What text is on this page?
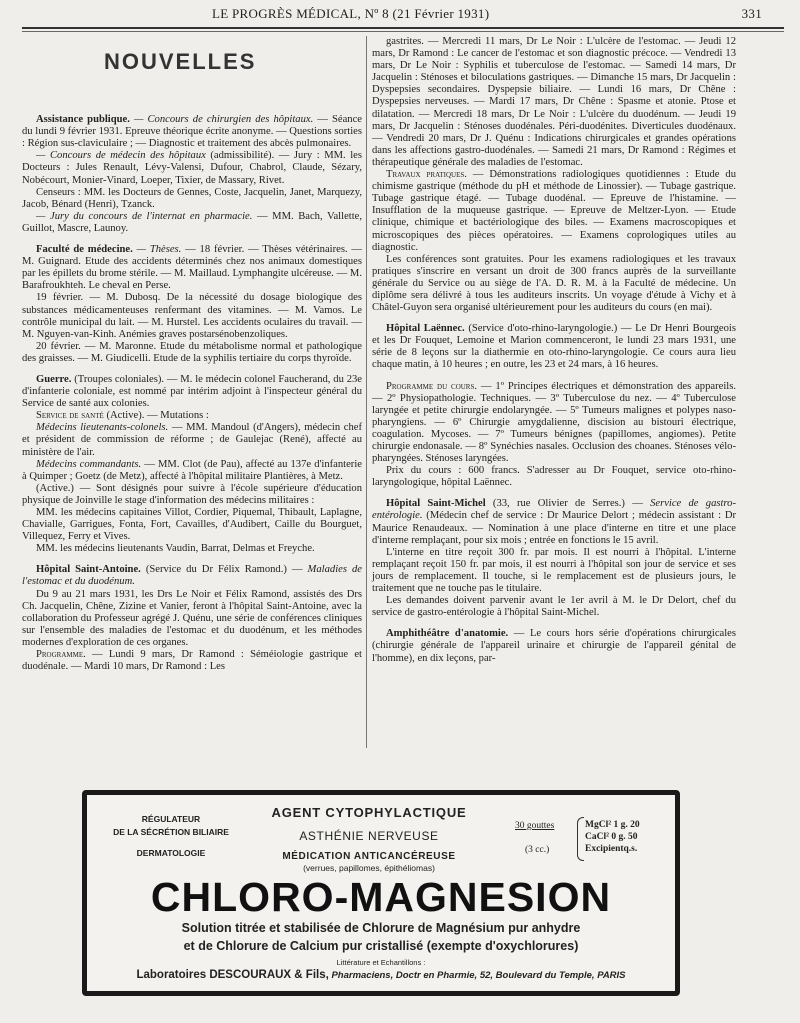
LE PROGRÈS MÉDICAL, Nº 8 (21 Février 1931)	331

NOUVELLES

Assistance publique. — Concours de chirurgien des hôpitaux. — Séance du lundi 9 février 1931. Epreuve théorique écrite anonyme. — Questions sorties : Région sus-claviculaire ; — Diagnostic et traitement des abcès pulmonaires.

— Concours de médecin des hôpitaux (admissibilité). — Jury : MM. les Docteurs : Jules Renault, Lévy-Valensi, Dufour, Chabrol, Claude, Sézary, Nobécourt, Monier-Vinard, Loeper, Tixier, de Massary, Rivet.

Censeurs : MM. les Docteurs de Gennes, Coste, Jacquelin, Janet, Marquezy, Jacob, Bénard (Henri), Tzanck.

— Jury du concours de l'internat en pharmacie. — MM. Bach, Vallette, Guillot, Mascre, Launoy.

Faculté de médecine. — Thèses. — 18 février. — Thèses vétérinaires. — M. Guignard. Etude des accidents déterminés chez nos animaux domestiques par les épillets du brome stérile. — M. Maillaud. Lymphangite ulcéreuse. — M. Barafroukhteh. Le cheval en Perse.

19 février. — M. Dubosq. De la nécessité du dosage biologique des substances médicamenteuses renfermant des vitamines. — M. Vamos. Le contrôle municipal du lait. — M. Hurstel. Les accidents oculaires du travail. — M. Nguyen-van-Kinh. Anémies graves postarsénobenzoliques.

20 février. — M. Maronne. Etude du métabolisme normal et pathologique des graisses. — M. Giudicelli. Etude de la syphilis tertiaire du corps thyroïde.

Guerre. (Troupes coloniales). — M. le médecin colonel Faucherand, du 23e d'infanterie coloniale, est nommé par intérim adjoint à l'inspecteur général du Service de santé aux colonies.

Service de santé (Active). — Mutations :

Médecins lieutenants-colonels. — MM. Mandoul (d'Angers), médecin chef et président de commission de réforme ; de Gaulejac (René), affecté au ministère de l'air.

Médecins commandants. — MM. Clot (de Pau), affecté au 137e d'infanterie à Quimper ; Goetz (de Metz), affecté à l'hôpital militaire Plantières, à Metz.

(Active.) — Sont désignés pour suivre à l'école supérieure d'éducation physique de Joinville le stage d'information des médecins militaires :

MM. les médecins capitaines Villot, Cordier, Piquemal, Thibault, Laplagne, Chavialle, Garrigues, Fonta, Fort, Cavailles, d'Audibert, Caille du Bourguet, Villequez, Ferry et Vives.

MM. les médecins lieutenants Vaudin, Barrat, Delmas et Freyche.

Hôpital Saint-Antoine. (Service du Dr Félix Ramond.) — Maladies de l'estomac et du duodénum.

Du 9 au 21 mars 1931, les Drs Le Noir et Félix Ramond, assistés des Drs Ch. Jacquelin, Chêne, Zizine et Vanier, feront à l'hôpital Saint-Antoine, avec la collaboration du Professeur agrégé J. Quénu, une série de conférences cliniques sur l'ensemble des maladies de l'estomac et du duodénum, et les méthodes modernes d'exploration de ces organes.

Programme. — Lundi 9 mars, Dr Ramond : Séméiologie gastrique et duodénale. — Mardi 10 mars, Dr Ramond : Les

gastrites. — Mercredi 11 mars, Dr Le Noir : L'ulcère de l'estomac. — Jeudi 12 mars, Dr Ramond : Le cancer de l'estomac et son diagnostic précoce. — Vendredi 13 mars, Dr Le Noir : Syphilis et tuberculose de l'estomac. — Samedi 14 mars, Dr Jacquelin : Sténoses et biloculations gastriques. — Dimanche 15 mars, Dr Jacquelin : Dyspepsies secondaires. Dyspepsie biliaire. — Lundi 16 mars, Dr Chêne : Dyspepsies nerveuses. — Mardi 17 mars, Dr Chêne : Spasme et atonie. Ptose et dilatation. — Mercredi 18 mars, Dr Le Noir : L'ulcère du duodénum. — Jeudi 19 mars, Dr Jacquelin : Sténoses duodénales. Péri-duodénites. Diverticules duodénaux. — Vendredi 20 mars, Dr J. Quénu : Indications chirurgicales et grandes opérations dans les affections gastro-duodénales. — Samedi 21 mars, Dr Ramond : Régimes et thérapeutique générale des maladies de l'estomac.

Travaux pratiques. — Démonstrations radiologiques quotidiennes : Etude du chimisme gastrique (méthode du pH et méthode de Linossier). — Tubage gastrique. Tubage gastrique étagé. — Tubage duodénal. — Epreuve de l'histamine. — Insufflation de la muqueuse gastrique. — Epreuve de Meltzer-Lyon. — Etude clinique, chimique et bactériologique des biles. — Examens macroscopiques et microscopiques des pièces opératoires. — Examens coprologiques utiles au diagnostic.

Les conférences sont gratuites. Pour les examens radiologiques et les travaux pratiques s'inscrire en versant un droit de 300 francs auprès de la surveillante générale du Service ou au siège de l'A. D. R. M. à la Faculté de médecine. Un diplôme sera délivré à tous les auditeurs inscrits. Un voyage d'étude à Vichy et à Châtel-Guyon sera organisé ultérieurement pour les auditeurs du cours (en mai).

Hôpital Laënnec. (Service d'oto-rhino-laryngologie.) — Le Dr Henri Bourgeois et les Dr Fouquet, Lemoine et Marion commenceront, le lundi 23 mars 1931, une série de 8 leçons sur la diathermie en oto-rhino-laryngologie. Ce cours aura lieu chaque matin, à 10 heures ; en outre, les 23 et 24 mars, à 16 heures.

Programme du cours. — 1º Principes électriques et démonstration des appareils. — 2º Physiopathologie. Techniques. — 3º Tuberculose du nez. — 4º Tuberculose laryngée et petite chirurgie endolaryngée. — 5º Tumeurs malignes et polypes naso-pharyngiens. — 6º Chirurgie amygdalienne, discision au bistouri électrique, coagulation. Mycoses. — 7º Tumeurs bénignes (papillomes, angiomes). Petite chirurgie endonasale. — 8º Synéchies nasales. Occlusion des choanes. Sténoses vélo-pharyngées. Sténoses laryngées.

Prix du cours : 600 francs. S'adresser au Dr Fouquet, service oto-rhino-laryngologique, hôpital Laënnec.

Hôpital Saint-Michel (33, rue Olivier de Serres.) — Service de gastro-entérologie. (Médecin chef de service : Dr Maurice Delort ; médecin assistant : Dr Maurice Renaudeaux. — Nomination à une place d'interne en titre et une place d'interne remplaçant, pour six mois ; entrée en fonctions le 15 avril.

L'interne en titre reçoit 300 fr. par mois. Il est nourri à l'hôpital. L'interne remplaçant reçoit 150 fr. par mois, il est nourri à l'hôpital son jour de service et ses jours de remplacement. Il touche, si le remplacement est de plusieurs jours, le traitement que ne touche pas le titulaire.

Les demandes doivent parvenir avant le 1er avril à M. le Dr Delort, chef du service de gastro-entérologie à l'hôpital Saint-Michel.

Amphithéâtre d'anatomie. — Le cours hors série d'opérations chirurgicales (chirurgie générale de l'appareil urinaire et chirurgie de l'appareil génital de l'homme), en dix leçons, par-

RÉGULATEUR
DE LA SÉCRÉTION BILIAIRE
DERMATOLOGIE
AGENT CYTOPHYLACTIQUE
ASTHÉNIE NERVEUSE
MÉDICATION ANTICANCÉREUSE
(verrues, papillomes, épithéliomas)
30 gouttes
(3 cc.)
MgCl² 1 g. 20
CaCl² 0 g. 50
Excipientq.s.
CHLORO-MAGNESION
Solution titrée et stabilisée de Chlorure de Magnésium pur anhydre
et de Chlorure de Calcium pur cristallisé (exempte d'oxychlorures)
Littérature et Echantillons :
Laboratoires DESCOURAUX & Fils, Pharmaciens, Doctr en Pharmie, 52, Boulevard du Temple, PARIS
